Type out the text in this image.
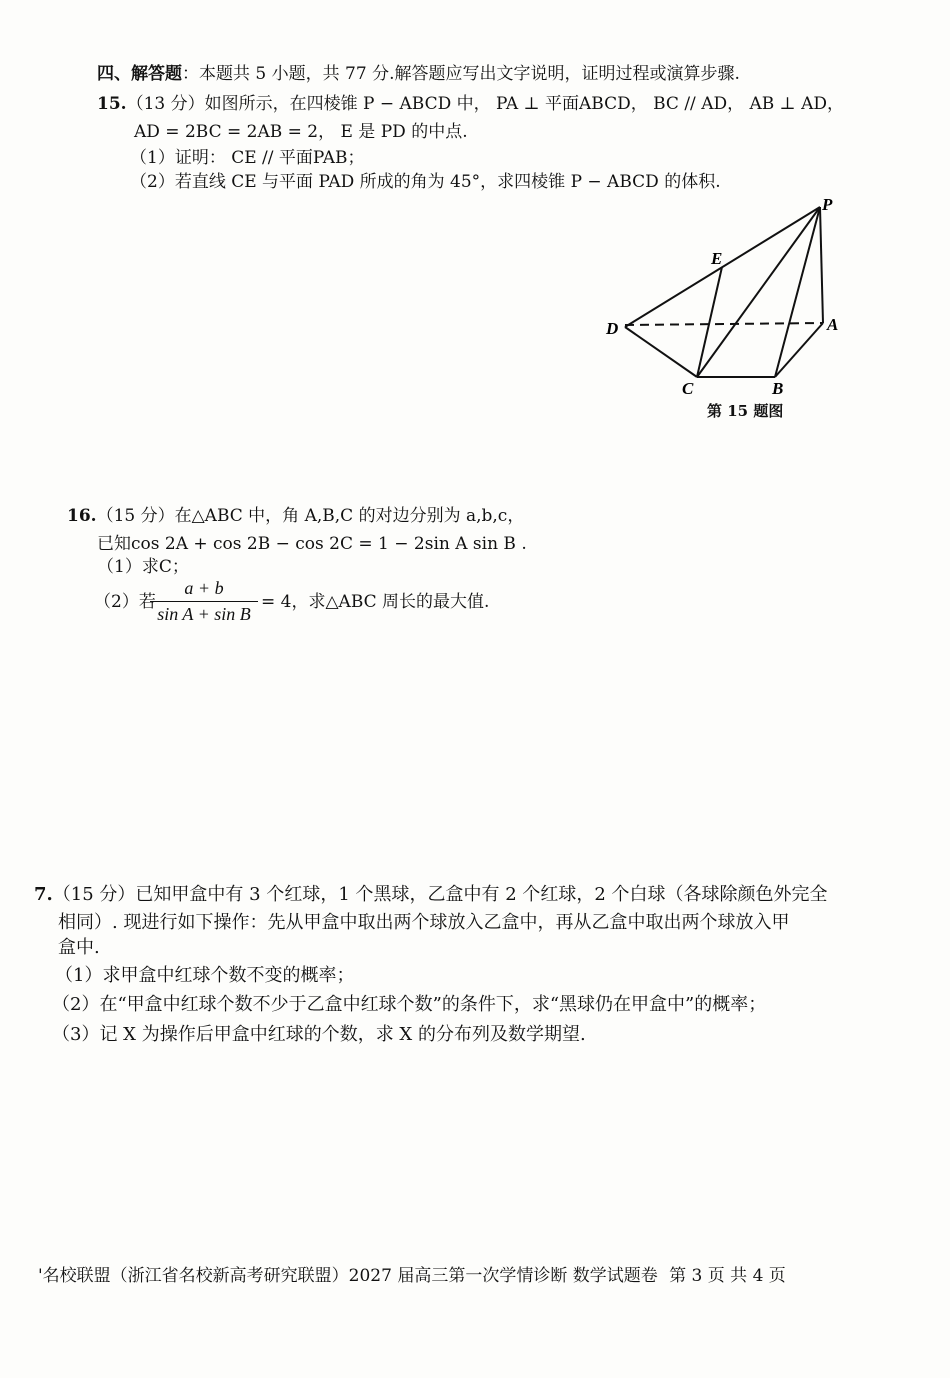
四、解答题：本题共 5 小题，共 77 分.解答题应写出文字说明，证明过程或演算步骤.
15.（13 分）如图所示，在四棱锥 P − ABCD 中， PA ⊥ 平面ABCD， BC // AD， AB ⊥ AD，
AD = 2BC = 2AB = 2， E 是 PD 的中点.
（1）证明： CE // 平面PAB；
（2）若直线 CE 与平面 PAD 所成的角为 45°，求四棱锥 P − ABCD 的体积.
P
E
D	A
C	B
第 15 题图
16.（15 分）在△ABC 中，角 A,B,C 的对边分别为 a,b,c，
已知cos 2A + cos 2B − cos 2C = 1 − 2sin A sin B .
（1）求C；
（2）若
a + b
sin A + sin B
= 4，求△ABC 周长的最大值.
7.（15 分）已知甲盒中有 3 个红球，1 个黑球，乙盒中有 2 个红球，2 个白球（各球除颜色外完全
相同）. 现进行如下操作：先从甲盒中取出两个球放入乙盒中，再从乙盒中取出两个球放入甲
盒中.
（1）求甲盒中红球个数不变的概率；
（2）在“甲盒中红球个数不少于乙盒中红球个数”的条件下，求“黑球仍在甲盒中”的概率；
（3）记 X 为操作后甲盒中红球的个数，求 X 的分布列及数学期望.
'名校联盟（浙江省名校新高考研究联盟）2027 届高三第一次学情诊断 数学试题卷 第 3 页 共 4 页
